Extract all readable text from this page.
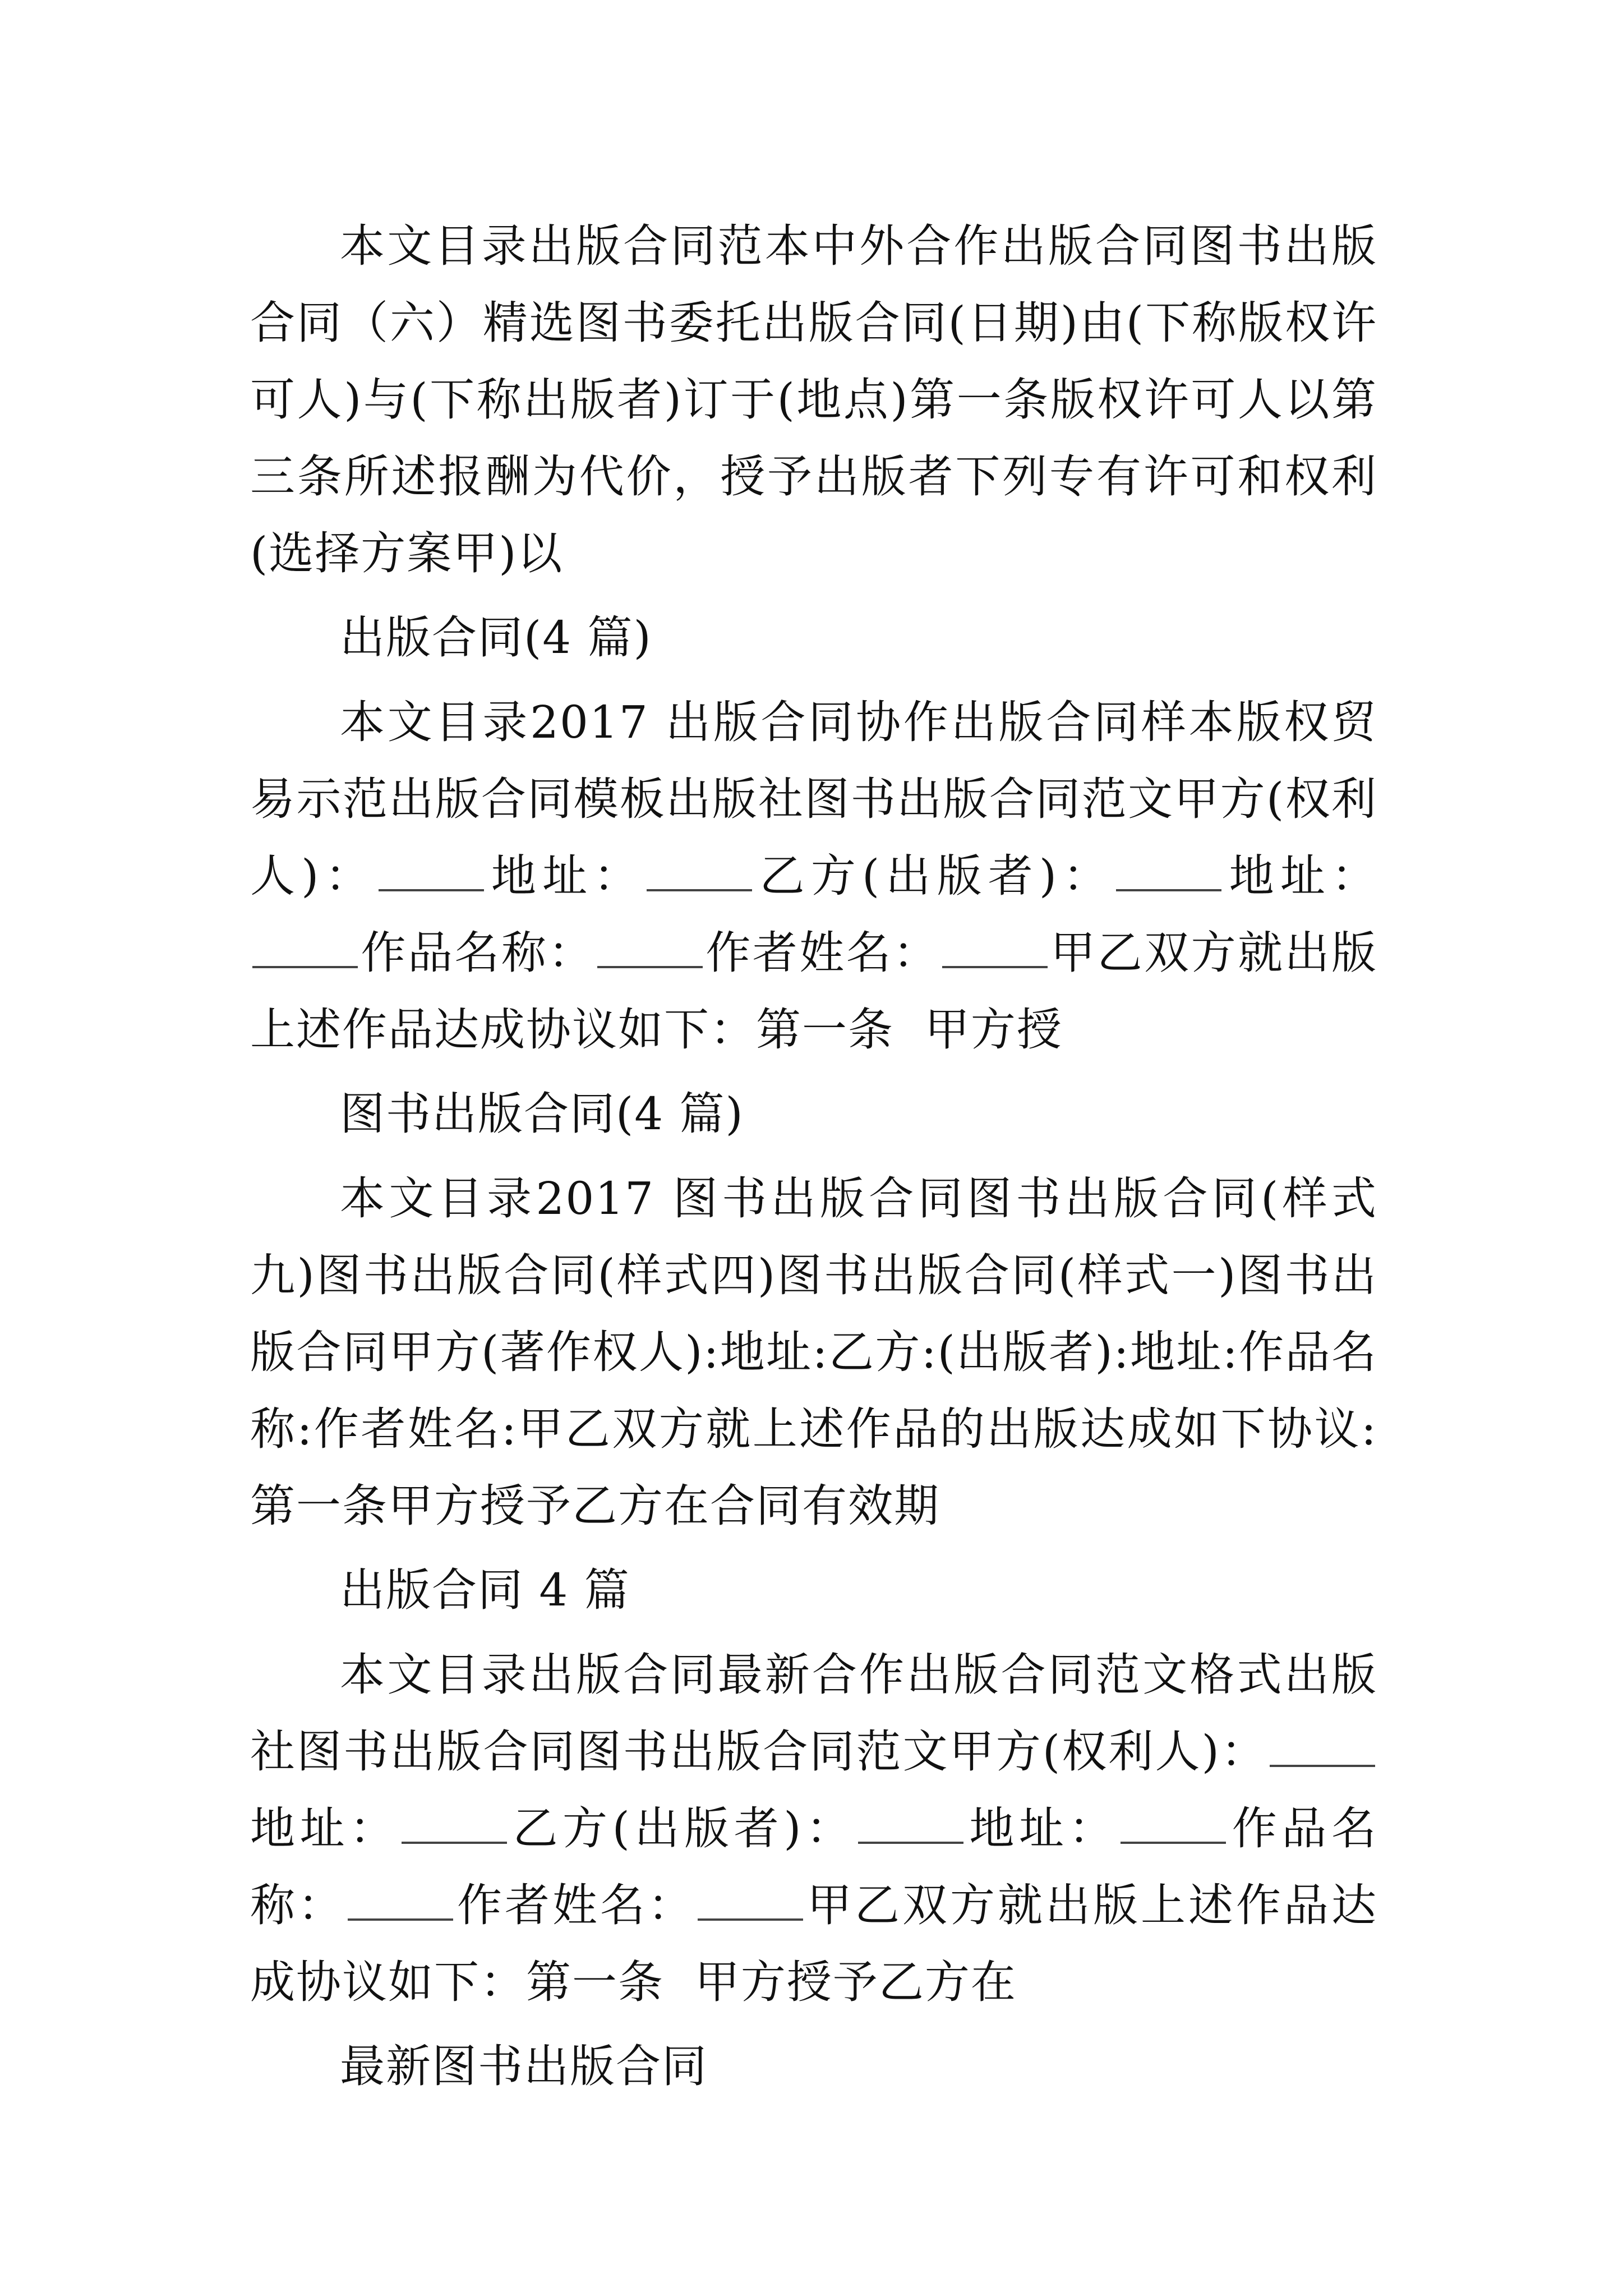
本文目录出版合同范本中外合作出版合同图书出版合同（六）精选图书委托出版合同(日期)由(下称版权许可人)与(下称出版者)订于(地点)第一条版权许可人以第三条所述报酬为代价，授予出版者下列专有许可和权利(选择方案甲)以

出版合同(4 篇)

本文目录2017 出版合同协作出版合同样本版权贸易示范出版合同模板出版社图书出版合同范文甲方(权利人)： 地址： 乙方(出版者)： 地址：作品名称： 作者姓名： 甲乙双方就出版上述作品达成协议如下：第一条  甲方授

图书出版合同(4 篇)

本文目录2017 图书出版合同图书出版合同(样式九)图书出版合同(样式四)图书出版合同(样式一)图书出版合同甲方(著作权人):地址:乙方:(出版者):地址:作品名称:作者姓名:甲乙双方就上述作品的出版达成如下协议:第一条甲方授予乙方在合同有效期

出版合同 4 篇

本文目录出版合同最新合作出版合同范文格式出版社图书出版合同图书出版合同范文甲方(权利人)：地址： 乙方(出版者)： 地址： 作品名称： 作者姓名： 甲乙双方就出版上述作品达成协议如下：第一条  甲方授予乙方在

最新图书出版合同
